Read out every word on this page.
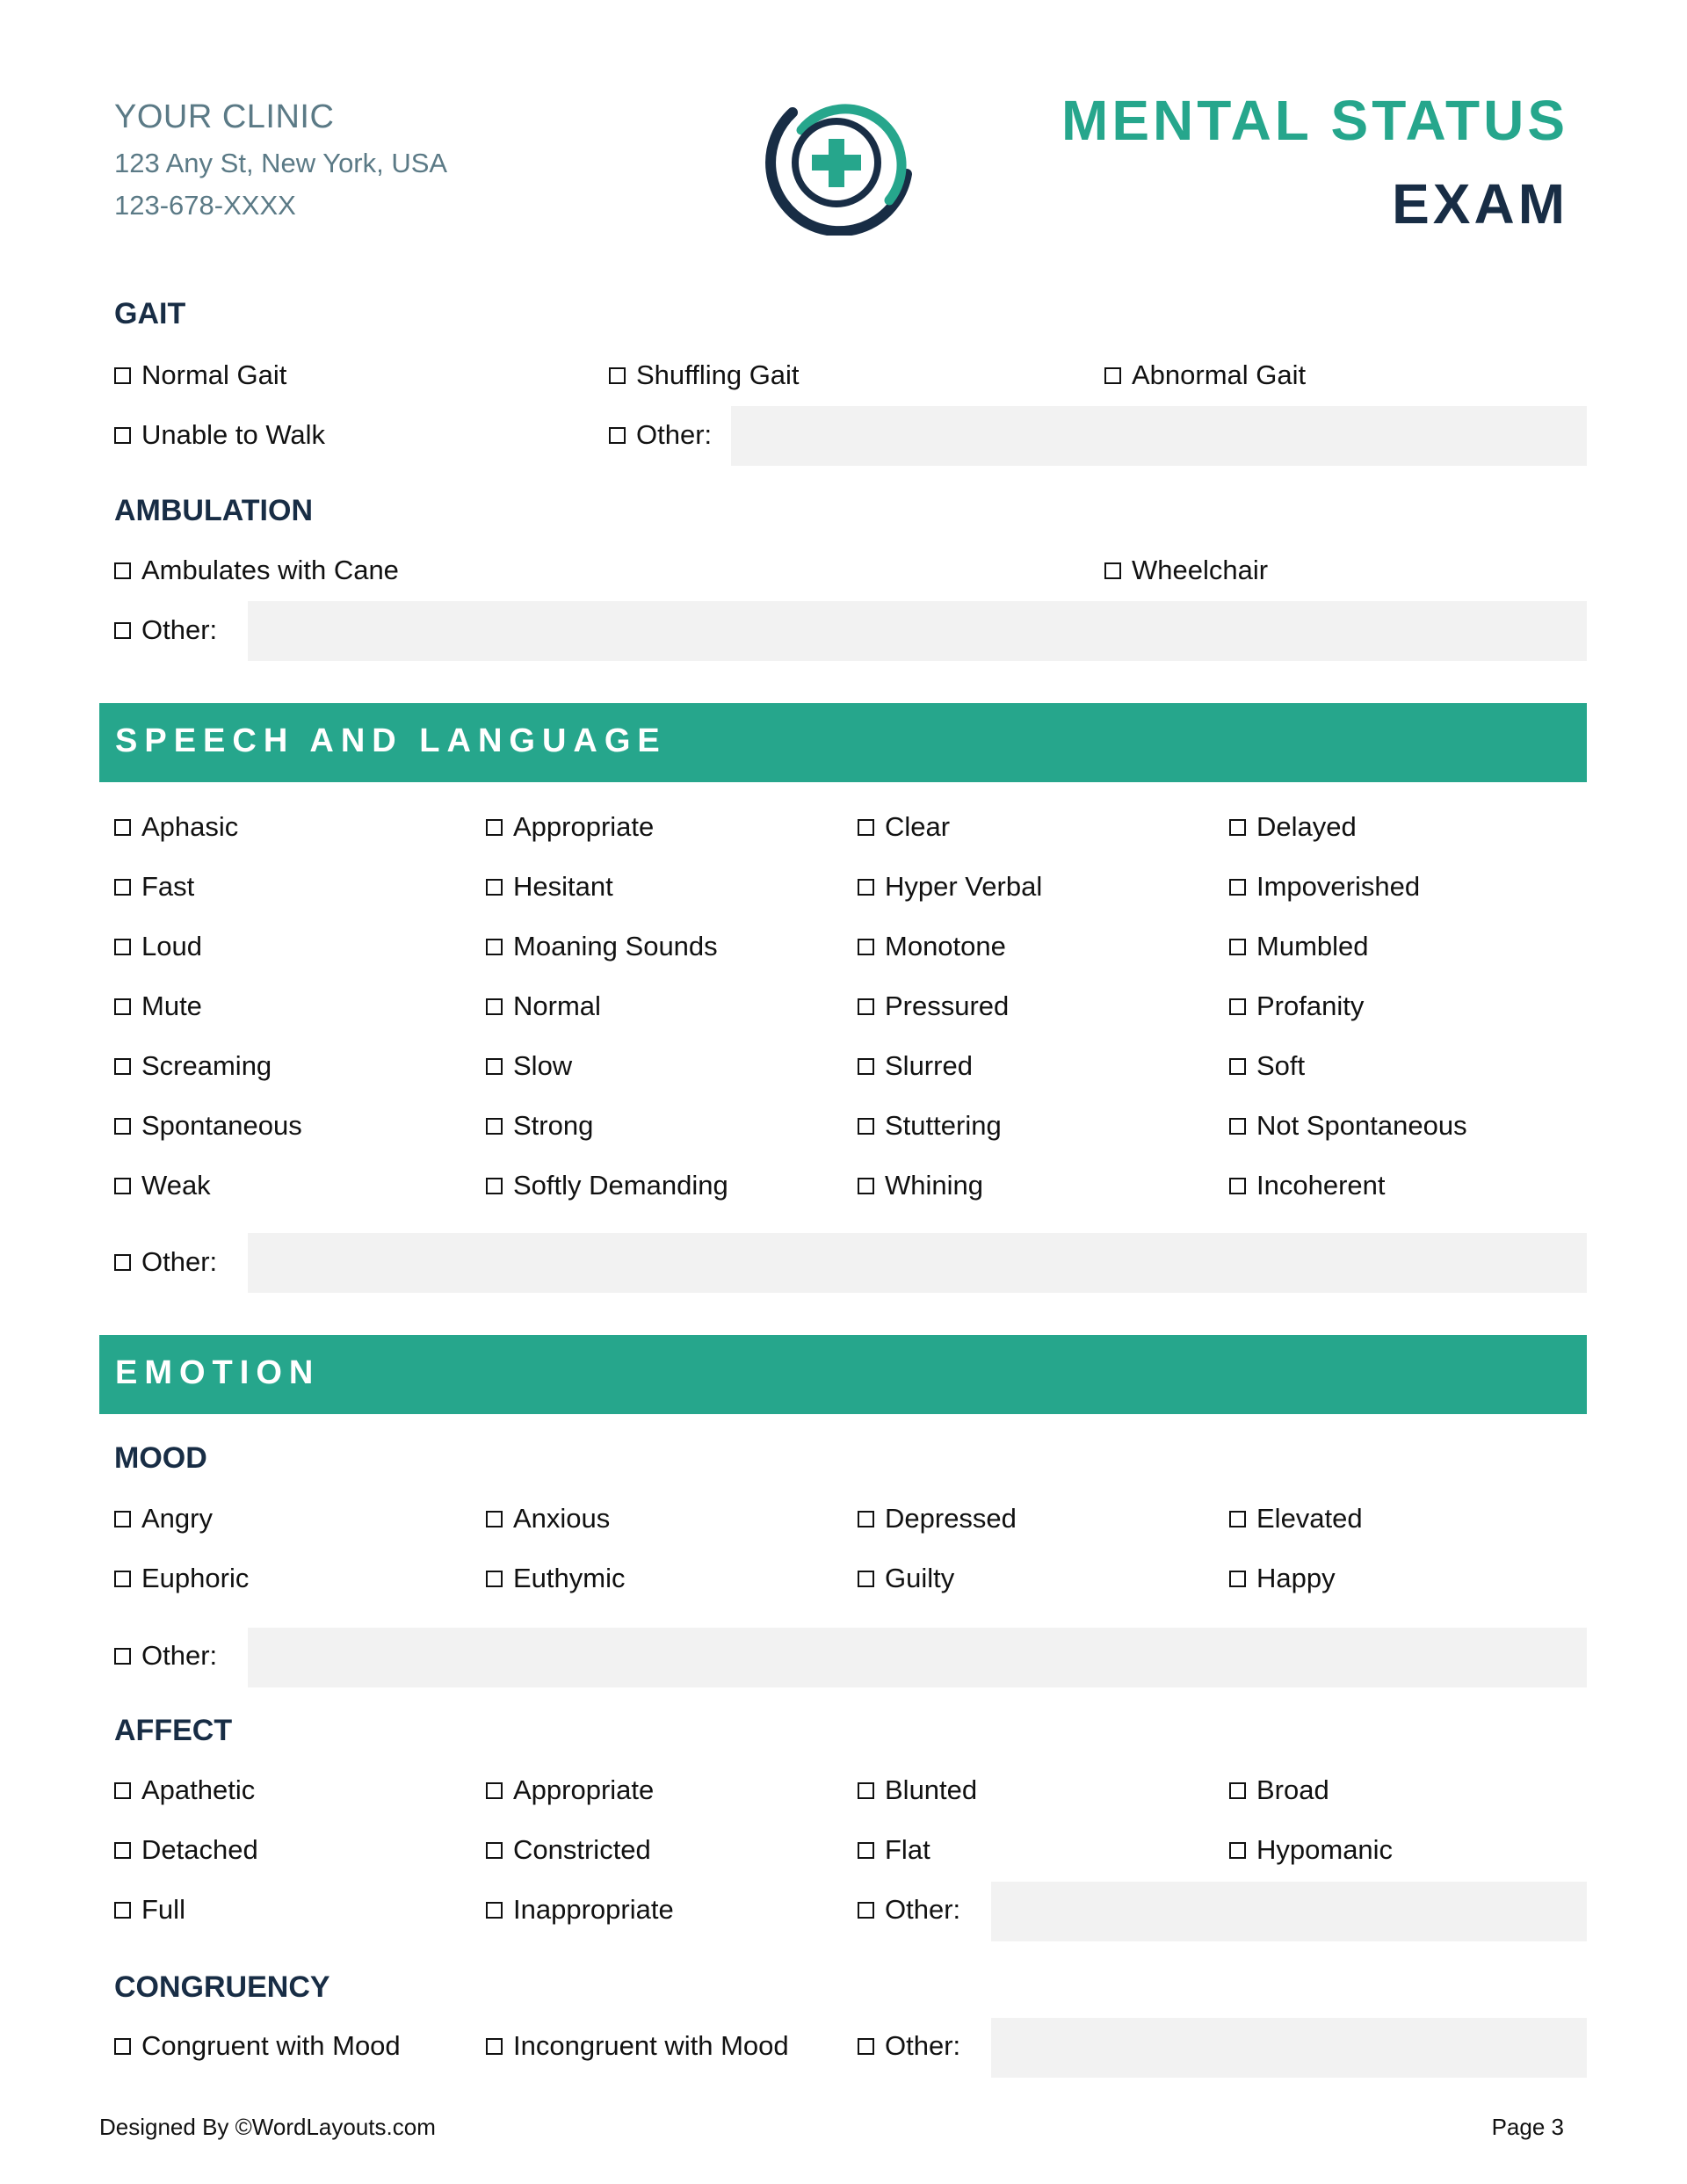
YOUR CLINIC
123 Any St, New York, USA
123-678-XXXX
MENTAL STATUS
EXAM
GAIT
Normal Gait	Shuffling Gait	Abnormal Gait
Unable to Walk	Other:
AMBULATION
Ambulates with Cane	Wheelchair
Other:
SPEECH AND LANGUAGE
Aphasic	Appropriate	Clear	Delayed
Fast	Hesitant	Hyper Verbal	Impoverished
Loud	Moaning Sounds	Monotone	Mumbled
Mute	Normal	Pressured	Profanity
Screaming	Slow	Slurred	Soft
Spontaneous	Strong	Stuttering	Not Spontaneous
Weak	Softly Demanding	Whining	Incoherent
Other:
EMOTION
MOOD
Angry	Anxious	Depressed	Elevated
Euphoric	Euthymic	Guilty	Happy
Other:
AFFECT
Apathetic	Appropriate	Blunted	Broad
Detached	Constricted	Flat	Hypomanic
Full	Inappropriate	Other:
CONGRUENCY
Congruent with Mood	Incongruent with Mood	Other:
Designed By ©WordLayouts.com	Page 3
